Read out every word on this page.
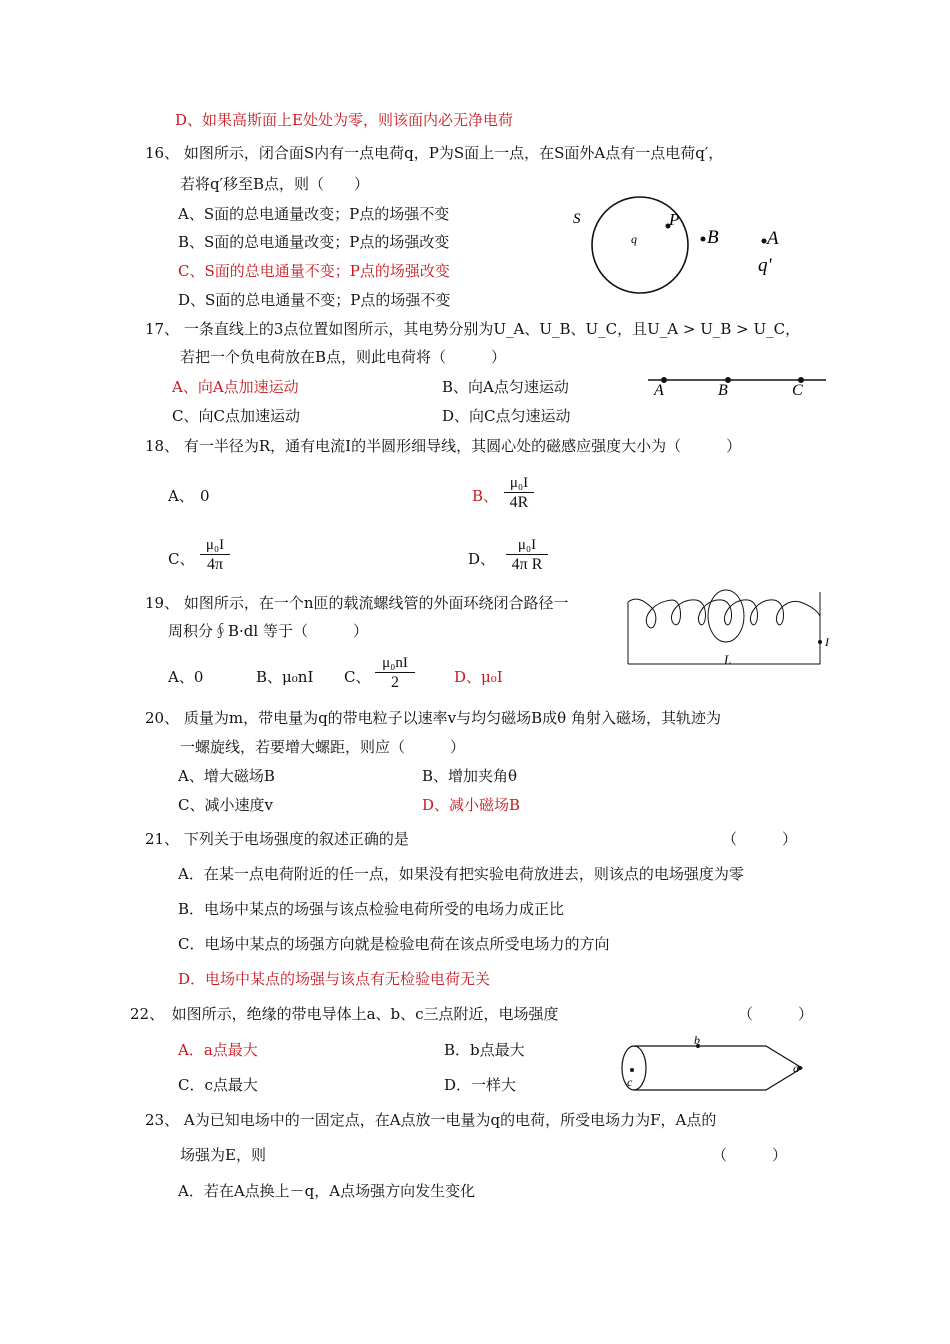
D、如果高斯面上E处处为零，则该面内必无净电荷
16、 如图所示，闭合面S内有一点电荷q，P为S面上一点，在S面外A点有一点电荷q′，
若将q′移至B点，则（　　）
A、S面的总电通量改变；P点的场强不变
B、S面的总电通量改变；P点的场强改变
C、S面的总电通量不变；P点的场强改变
D、S面的总电通量不变；P点的场强不变
S
q
P
B	A
q'
17、 一条直线上的3点位置如图所示，其电势分别为U_A、U_B、U_C，且U_A > U_B > U_C，
若把一个负电荷放在B点，则此电荷将（　　　）
A、向A点加速运动	B、向A点匀速运动
C、向C点加速运动	D、向C点匀速运动
A	B	C
18、 有一半径为R，通有电流I的半圆形细导线，其圆心处的磁感应强度大小为（　　　）
A、 0	B、
μ₀I
4R
C、
μ₀I
4π	D、
μ₀I
4π R
19、 如图所示，在一个n匝的载流螺线管的外面环绕闭合路径一
周积分∮B·dl 等于（　　　）
A、0	B、μ₀nI C、
μ₀nI
2	D、μ₀I
I
L
20、 质量为m，带电量为q的带电粒子以速率v与均匀磁场B成θ 角射入磁场，其轨迹为
一螺旋线，若要增大螺距，则应（　　　）
A、增大磁场B	B、增加夹角θ
C、减小速度v	D、减小磁场B
21、 下列关于电场强度的叙述正确的是	（　　　）
A．在某一点电荷附近的任一点，如果没有把实验电荷放进去，则该点的电场强度为零
B．电场中某点的场强与该点检验电荷所受的电场力成正比
C．电场中某点的场强方向就是检验电荷在该点所受电场力的方向
D．电场中某点的场强与该点有无检验电荷无关
22、　如图所示，绝缘的带电导体上a、b、c三点附近，电场强度	（　　　）
A．a点最大	B．b点最大
C．c点最大	D．一样大	c
b
a
23、 A为已知电场中的一固定点，在A点放一电量为q的电荷，所受电场力为F，A点的
场强为E，则	（　　　）
A．若在A点换上－q，A点场强方向发生变化
